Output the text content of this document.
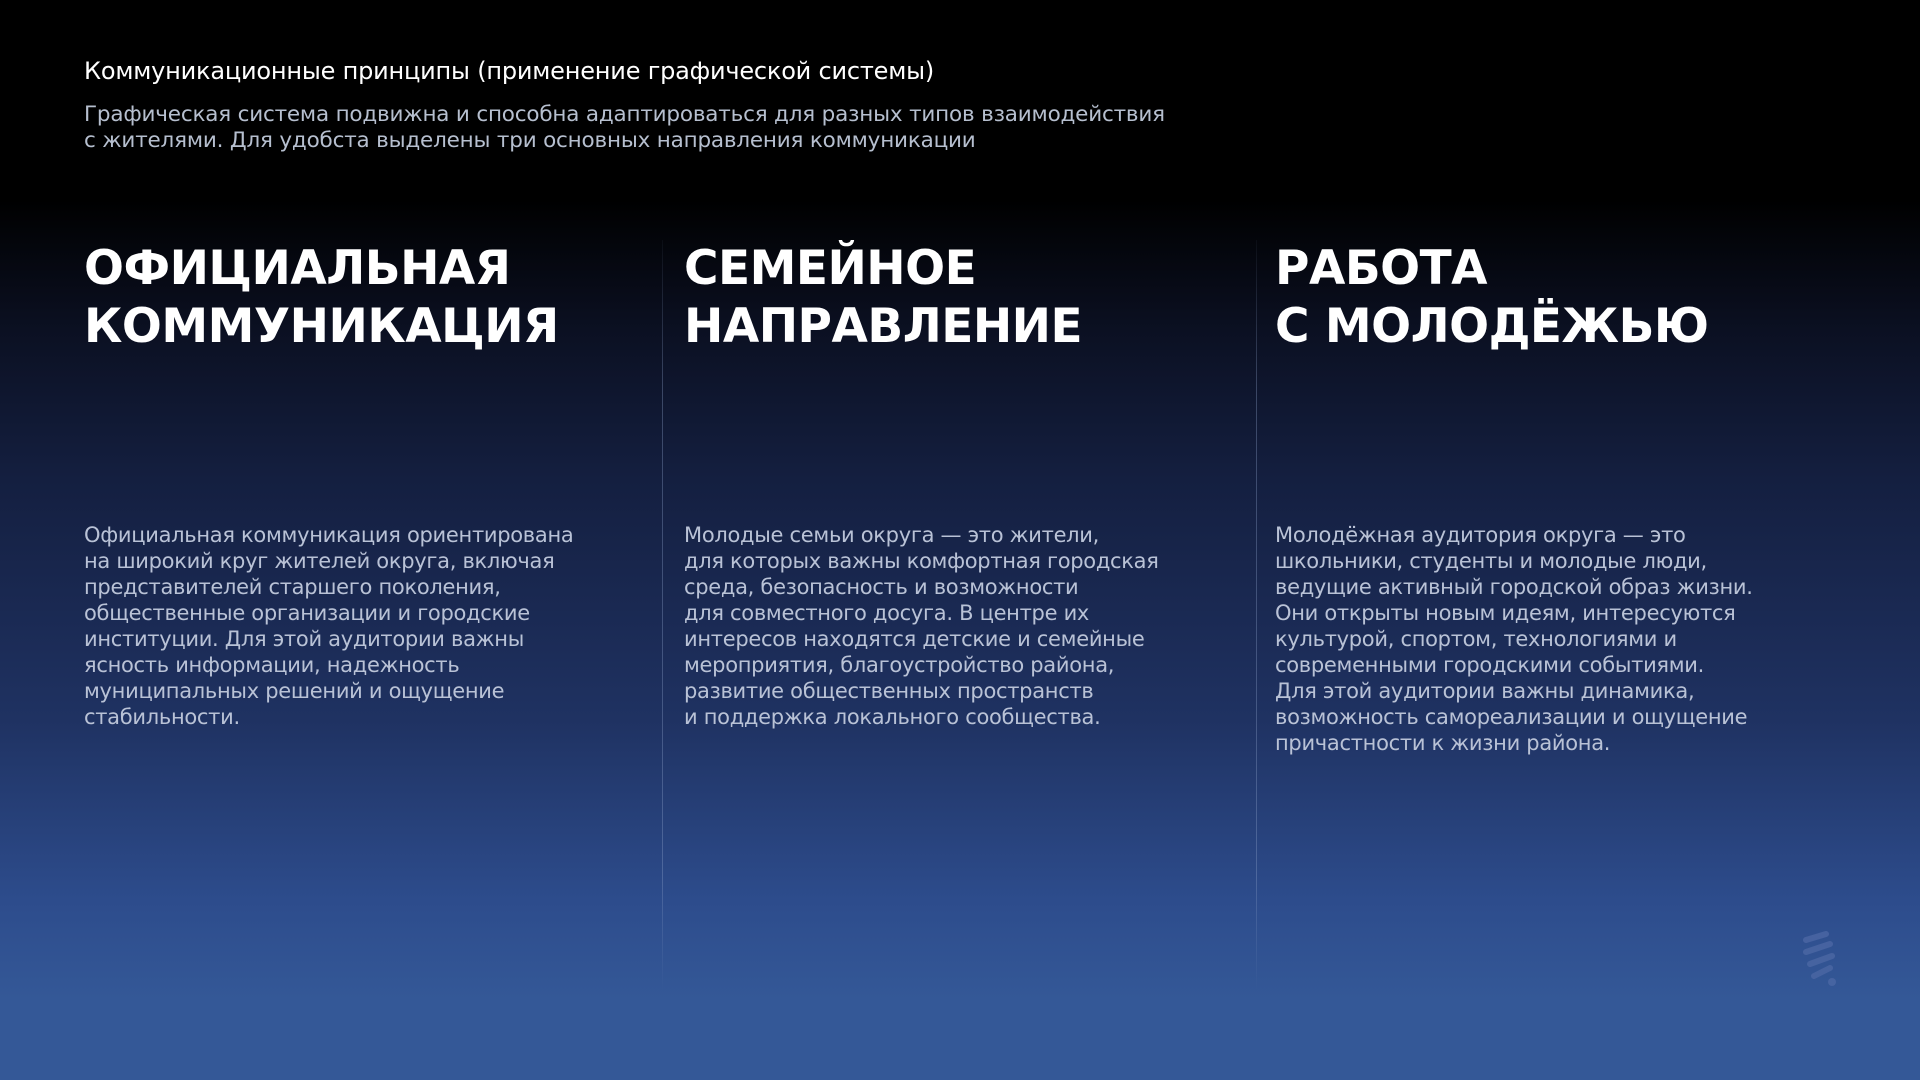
Коммуникационные принципы (применение графической системы)
Графическая система подвижна и способна адаптироваться для разных типов взаимодействия
с жителями. Для удобста выделены три основных направления коммуникации
ОФИЦИАЛЬНАЯ
КОММУНИКАЦИЯ
Официальная коммуникация ориентирована
на широкий круг жителей округа, включая
представителей старшего поколения,
общественные организации и городские
институции. Для этой аудитории важны
ясность информации, надежность
муниципальных решений и ощущение
стабильности.
СЕМЕЙНОЕ
НАПРАВЛЕНИЕ
Молодые семьи округа — это жители,
для которых важны комфортная городская
среда, безопасность и возможности
для совместного досуга. В центре их
интересов находятся детские и семейные
мероприятия, благоустройство района,
развитие общественных пространств
и поддержка локального сообщества.
РАБОТА
С МОЛОДЁЖЬЮ
Молодёжная аудитория округа — это
школьники, студенты и молодые люди,
ведущие активный городской образ жизни.
Они открыты новым идеям, интересуются
культурой, спортом, технологиями и
современными городскими событиями.
Для этой аудитории важны динамика,
возможность самореализации и ощущение
причастности к жизни района.
